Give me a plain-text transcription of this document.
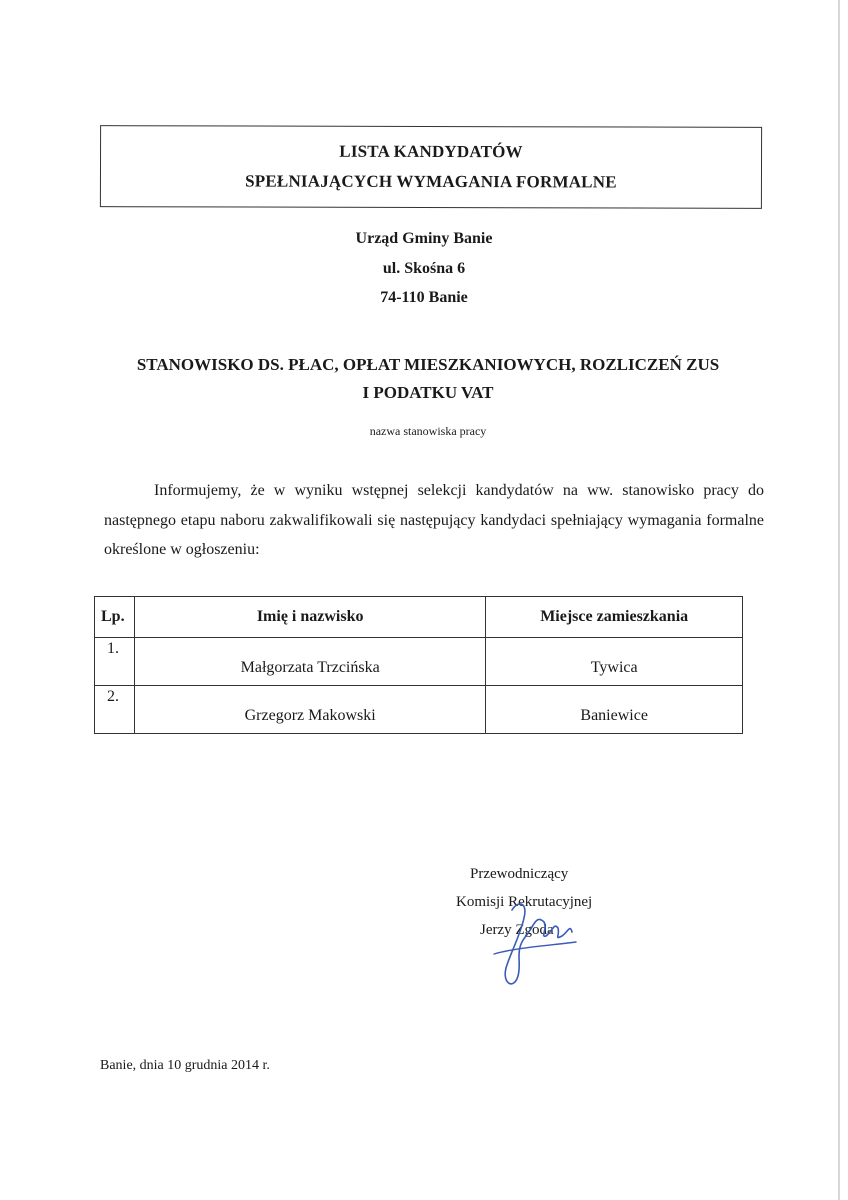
LISTA KANDYDATÓW
SPEŁNIAJĄCYCH WYMAGANIA FORMALNE
Urząd Gminy Banie
ul. Skośna 6
74-110 Banie
STANOWISKO DS. PŁAC, OPŁAT MIESZKANIOWYCH, ROZLICZEŃ ZUS
I PODATKU VAT
nazwa stanowiska pracy
Informujemy, że w wyniku wstępnej selekcji kandydatów na ww. stanowisko pracy do następnego etapu naboru zakwalifikowali się następujący kandydaci spełniający wymagania formalne określone w ogłoszeniu:
Lp.	Imię i nazwisko	Miejsce zamieszkania
1.	Małgorzata Trzcińska	Tywica
2.	Grzegorz Makowski	Baniewice
Przewodniczący
Komisji Rekrutacyjnej
Jerzy Zgoda
Banie, dnia 10 grudnia 2014 r.
